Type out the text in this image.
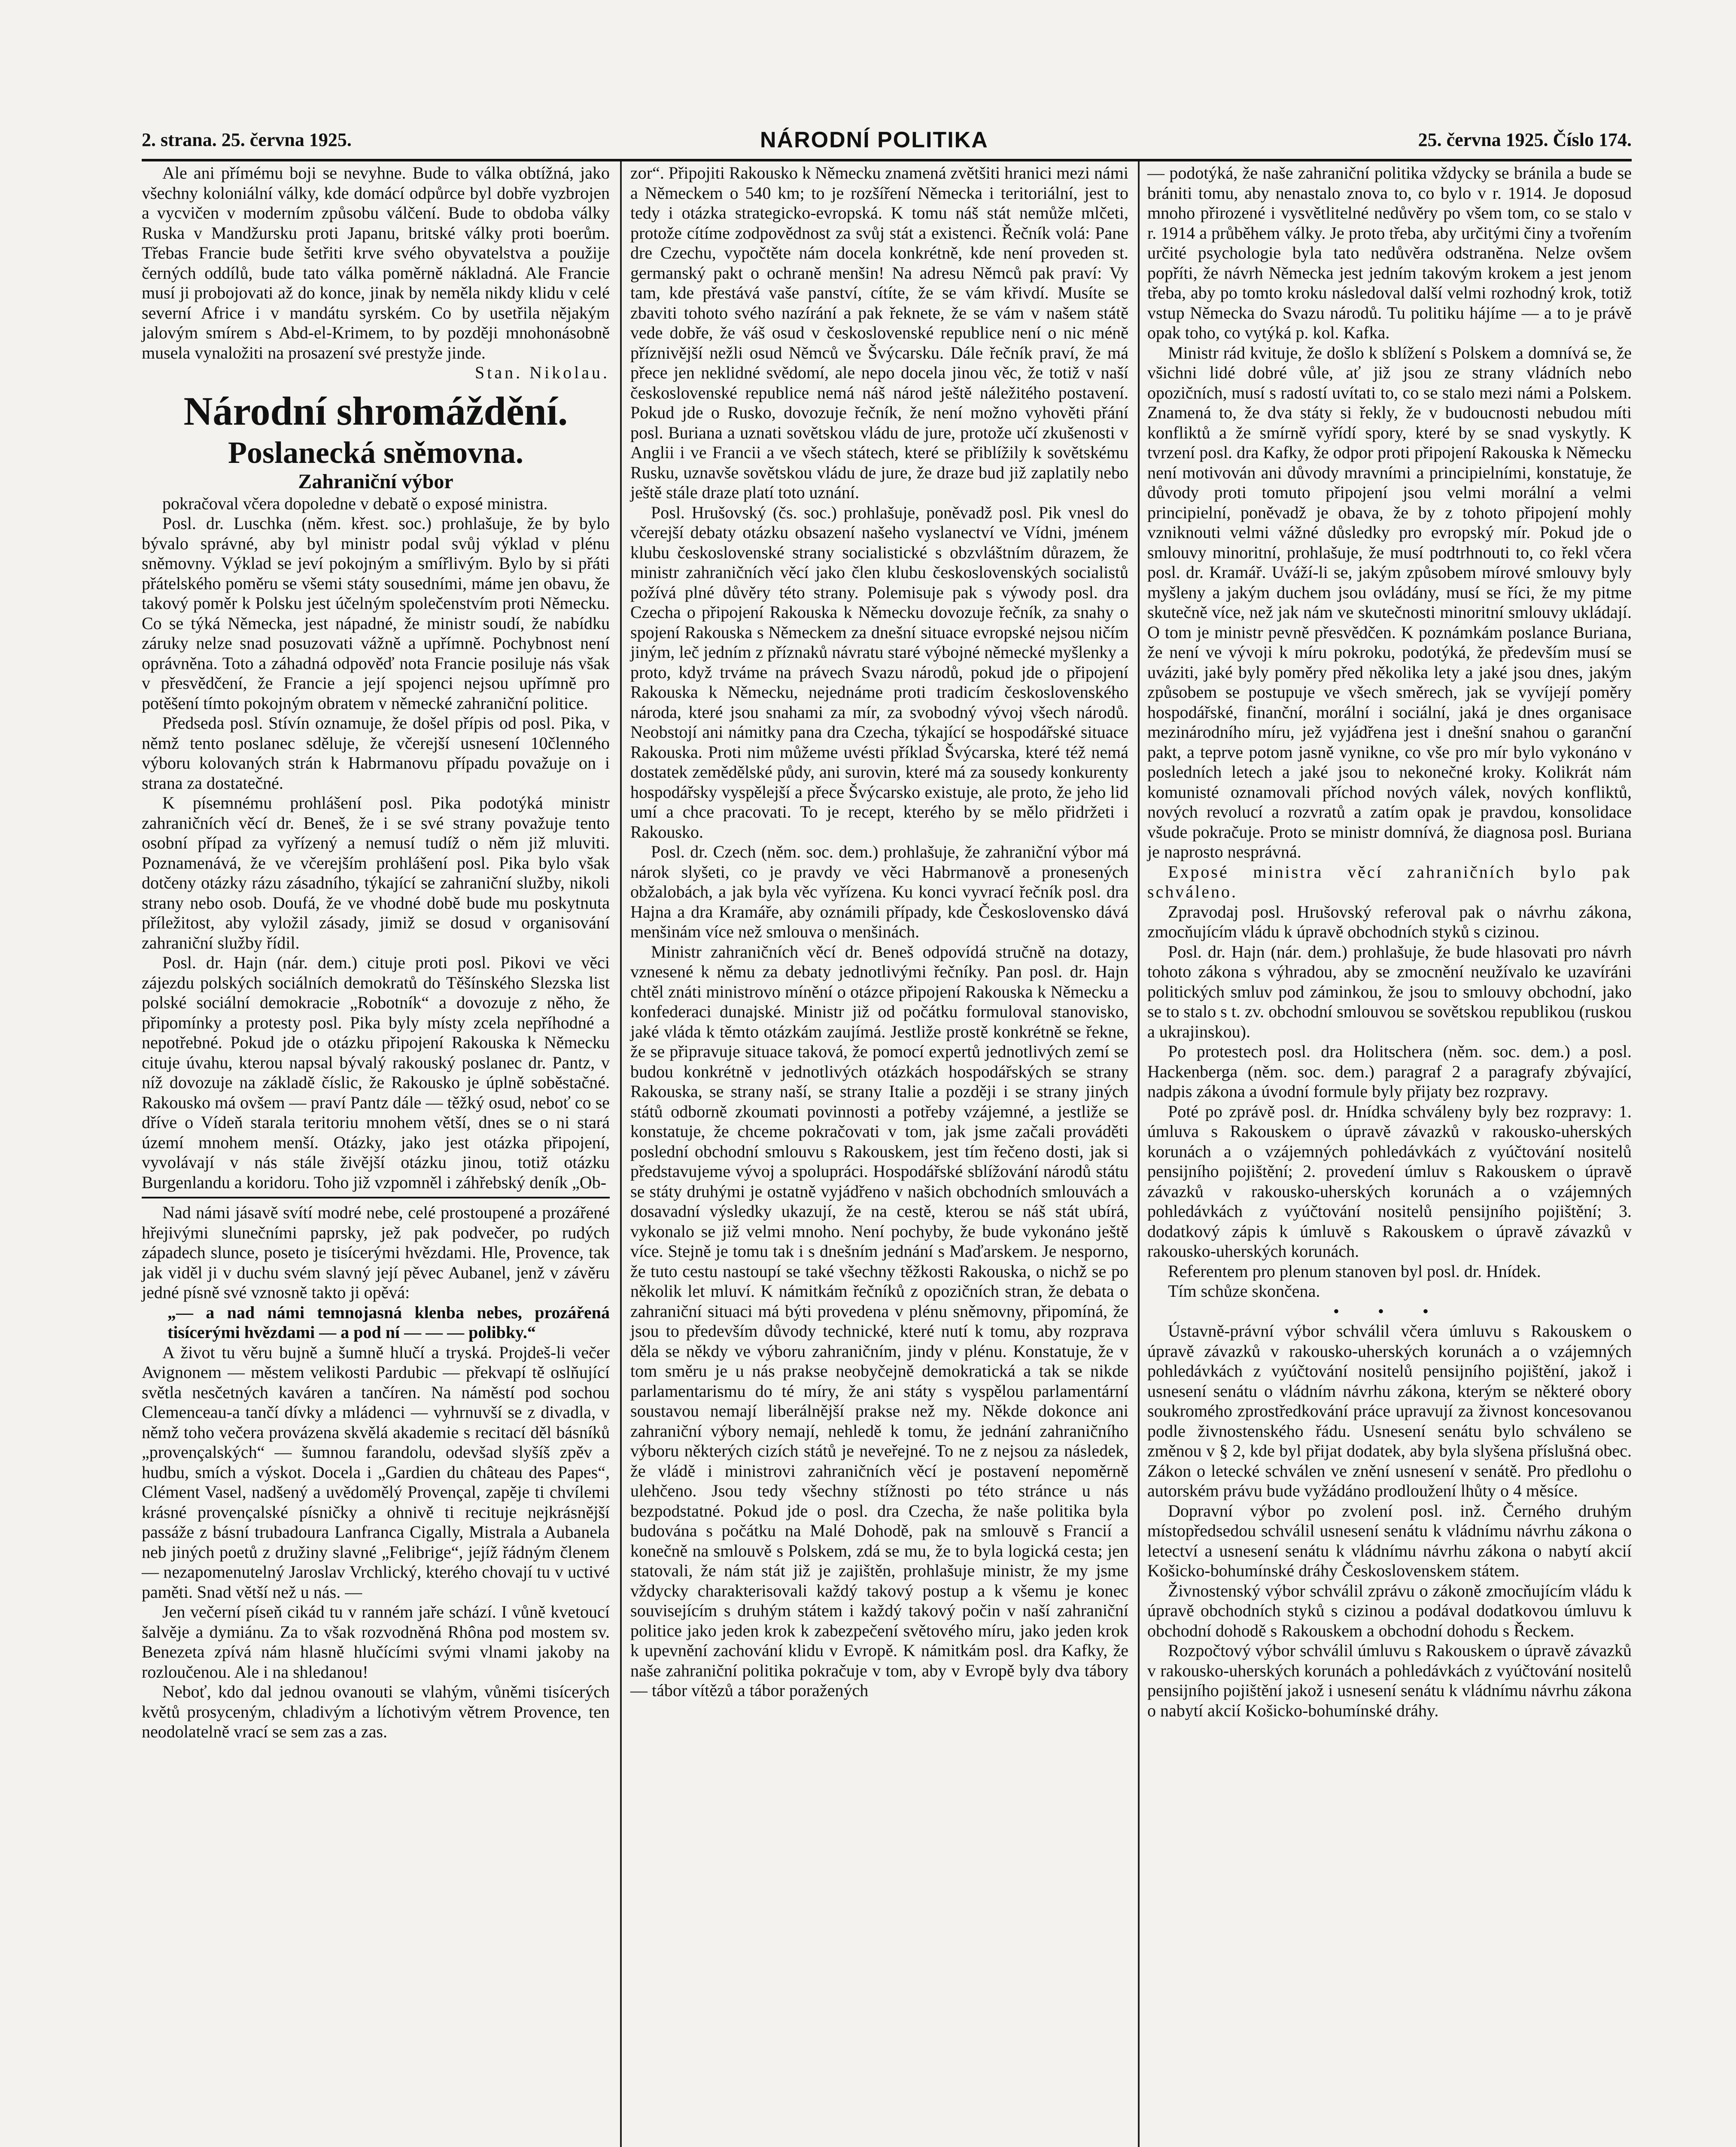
2. strana. 25. června 1925.	NÁRODNÍ POLITIKA	25. června 1925. Číslo 174.

Ale ani přímému boji se nevyhne. Bude to válka obtížná, jako všechny koloniální války, kde domácí odpůrce byl dobře vyzbrojen a vycvičen v moderním způsobu válčení. Bude to obdoba války Ruska v Mandžursku proti Japanu, britské války proti boerům. Třebas Francie bude šetřiti krve svého obyvatelstva a použije černých oddílů, bude tato válka poměrně nákladná. Ale Francie musí ji probojovati až do konce, jinak by neměla nikdy klidu v celé severní Africe i v mandátu syrském. Co by usetřila nějakým jalovým smírem s Abd-el-Krimem, to by později mnohonásobně musela vynaložiti na prosazení své prestyže jinde.

Stan. Nikolau.
Národní shromáždění.
Poslanecká sněmovna.
Zahraniční výbor

pokračoval včera dopoledne v debatě o exposé ministra.

Posl. dr. Luschka (něm. křest. soc.) prohlašuje, že by bylo bývalo správné, aby byl ministr podal svůj výklad v plénu sněmovny. Výklad se jeví pokojným a smířlivým. Bylo by si přáti přátelského poměru se všemi státy sousedními, máme jen obavu, že takový poměr k Polsku jest účelným společenstvím proti Německu. Co se týká Německa, jest nápadné, že ministr soudí, že nabídku záruky nelze snad posuzovati vážně a upřímně. Pochybnost není oprávněna. Toto a záhadná odpověď nota Francie posiluje nás však v přesvědčení, že Francie a její spojenci nejsou upřímně pro potěšení tímto pokojným obratem v německé zahraniční politice.

Předseda posl. Stívín oznamuje, že došel přípis od posl. Pika, v němž tento poslanec sděluje, že včerejší usnesení 10členného výboru kolovaných strán k Habrmanovu případu považuje on i strana za dostatečné.

K písemnému prohlášení posl. Pika podotýká ministr zahraničních věcí dr. Beneš, že i se své strany považuje tento osobní případ za vyřízený a nemusí tudíž o něm již mluviti. Poznamenává, že ve včerejším prohlášení posl. Pika bylo však dotčeny otázky rázu zásadního, týkající se zahraniční služby, nikoli strany nebo osob. Doufá, že ve vhodné době bude mu poskytnuta příležitost, aby vyložil zásady, jimiž se dosud v organisování zahraniční služby řídil.

Posl. dr. Hajn (nár. dem.) cituje proti posl. Pikovi ve věci zájezdu polských sociálních demokratů do Těšínského Slezska list polské sociální demokracie „Robotník“ a dovozuje z něho, že připomínky a protesty posl. Pika byly místy zcela nepříhodné a nepotřebné. Pokud jde o otázku připojení Rakouska k Německu cituje úvahu, kterou napsal bývalý rakouský poslanec dr. Pantz, v níž dovozuje na základě číslic, že Rakousko je úplně soběstačné. Rakousko má ovšem — praví Pantz dále — těžký osud, neboť co se dříve o Vídeň starala teritoriu mnohem větší, dnes se o ni stará území mnohem menší. Otázky, jako jest otázka připojení, vyvolávají v nás stále živější otázku jinou, totiž otázku Burgenlandu a koridoru. Toho již vzpomněl i záhřebský deník „Ob-

Nad námi jásavě svítí modré nebe, celé prostoupené a prozářené hřejivými slunečními paprsky, jež pak podvečer, po rudých západech slunce, poseto je tisícerými hvězdami. Hle, Provence, tak jak viděl ji v duchu svém slavný její pěvec Aubanel, jenž v závěru jedné písně své vznosně takto ji opěvá:

„— a nad námi temnojasná klenba nebes, prozářená tisícerými hvězdami — a pod ní — — — polibky.“

A život tu věru bujně a šumně hlučí a tryská. Projdeš-li večer Avignonem — městem velikosti Pardubic — překvapí tě oslňující světla nesčetných kaváren a tančíren. Na náměstí pod sochou Clemenceau-a tančí dívky a mládenci — vyhrnuvší se z divadla, v němž toho večera provázena skvělá akademie s recitací děl básníků „provençalských“ — šumnou farandolu, odevšad slyšíš zpěv a hudbu, smích a výskot. Docela i „Gardien du château des Papes“, Clément Vasel, nadšený a uvědomělý Provençal, zapěje ti chvílemi krásné provençalské písničky a ohnivě ti recituje nejkrásnější passáže z básní trubadoura Lanfranca Cigally, Mistrala a Aubanela neb jiných poetů z družiny slavné „Felibrige“, jejíž řádným členem — nezapomenutelný Jaroslav Vrchlický, kterého chovají tu v uctivé paměti. Snad větší než u nás. —

Jen večerní píseň cikád tu v ranném jaře schází. I vůně kvetoucí šalvěje a dymiánu. Za to však rozvodněná Rhôna pod mostem sv. Benezeta zpívá nám hlasně hlučícími svými vlnami jakoby na rozloučenou. Ale i na shledanou!

Neboť, kdo dal jednou ovanouti se vlahým, vůněmi tisícerých květů prosyceným, chladivým a líchotivým větrem Provence, ten neodolatelně vrací se sem zas a zas.

zor“. Připojiti Rakousko k Německu znamená zvětšiti hranici mezi námi a Německem o 540 km; to je rozšíření Německa i teritoriální, jest to tedy i otázka strategicko-evropská. K tomu náš stát nemůže mlčeti, protože cítíme zodpovědnost za svůj stát a existenci. Řečník volá: Pane dre Czechu, vypočtěte nám docela konkrétně, kde není proveden st. germanský pakt o ochraně menšin! Na adresu Němců pak praví: Vy tam, kde přestává vaše panství, cítíte, že se vám křivdí. Musíte se zbaviti tohoto svého nazírání a pak řeknete, že se vám v našem státě vede dobře, že váš osud v československé republice není o nic méně příznivější nežli osud Němců ve Švýcarsku. Dále řečník praví, že má přece jen neklidné svědomí, ale nepo docela jinou věc, že totiž v naší československé republice nemá náš národ ještě náležitého postavení. Pokud jde o Rusko, dovozuje řečník, že není možno vyhověti přání posl. Buriana a uznati sovětskou vládu de jure, protože učí zkušenosti v Anglii i ve Francii a ve všech státech, které se přiblížily k sovětskému Rusku, uznavše sovětskou vládu de jure, že draze bud již zaplatily nebo ještě stále draze platí toto uznání.

Posl. Hrušovský (čs. soc.) prohlašuje, poněvadž posl. Pik vnesl do včerejší debaty otázku obsazení našeho vyslanectví ve Vídni, jménem klubu československé strany socialistické s obzvláštním důrazem, že ministr zahraničních věcí jako člen klubu československých socialistů požívá plné důvěry této strany. Polemisuje pak s výwody posl. dra Czecha o připojení Rakouska k Německu dovozuje řečník, za snahy o spojení Rakouska s Německem za dnešní situace evropské nejsou ničím jiným, leč jedním z příznaků návratu staré výbojné německé myšlenky a proto, když trváme na právech Svazu národů, pokud jde o připojení Rakouska k Německu, nejednáme proti tradicím československého národa, které jsou snahami za mír, za svobodný vývoj všech národů. Neobstojí ani námitky pana dra Czecha, týkající se hospodářské situace Rakouska. Proti nim můžeme uvésti příklad Švýcarska, které též nemá dostatek zemědělské půdy, ani surovin, které má za sousedy konkurenty hospodářsky vyspělejší a přece Švýcarsko existuje, ale proto, že jeho lid umí a chce pracovati. To je recept, kterého by se mělo přidržeti i Rakousko.

Posl. dr. Czech (něm. soc. dem.) prohlašuje, že zahraniční výbor má nárok slyšeti, co je pravdy ve věci Habrmanově a pronesených obžalobách, a jak byla věc vyřízena. Ku konci vyvrací řečník posl. dra Hajna a dra Kramáře, aby oznámili případy, kde Československo dává menšinám více než smlouva o menšinách.

Ministr zahraničních věcí dr. Beneš odpovídá stručně na dotazy, vznesené k němu za debaty jednotlivými řečníky. Pan posl. dr. Hajn chtěl znáti ministrovo mínění o otázce připojení Rakouska k Německu a konfederaci dunajské. Ministr již od počátku formuloval stanovisko, jaké vláda k těmto otázkám zaujímá. Jestliže prostě konkrétně se řekne, že se připravuje situace taková, že pomocí expertů jednotlivých zemí se budou konkrétně v jednotlivých otázkách hospodářských se strany Rakouska, se strany naší, se strany Italie a později i se strany jiných států odborně zkoumati povinnosti a potřeby vzájemné, a jestliže se konstatuje, že chceme pokračovati v tom, jak jsme začali prováděti poslední obchodní smlouvu s Rakouskem, jest tím řečeno dosti, jak si představujeme vývoj a spolupráci. Hospodářské sblížování národů státu se státy druhými je ostatně vyjádřeno v našich obchodních smlouvách a dosavadní výsledky ukazují, že na cestě, kterou se náš stát ubírá, vykonalo se již velmi mnoho. Není pochyby, že bude vykonáno ještě více. Stejně je tomu tak i s dnešním jednání s Maďarskem. Je nesporno, že tuto cestu nastoupí se také všechny těžkosti Rakouska, o nichž se po několik let mluví. K námitkám řečníků z opozičních stran, že debata o zahraniční situaci má býti provedena v plénu sněmovny, připomíná, že jsou to především důvody technické, které nutí k tomu, aby rozprava děla se někdy ve výboru zahraničním, jindy v plénu. Konstatuje, že v tom směru je u nás prakse neobyčejně demokratická a tak se nikde parlamentarismu do té míry, že ani státy s vyspělou parlamentární soustavou nemají liberálnější prakse než my. Někde dokonce ani zahraniční výbory nemají, nehledě k tomu, že jednání zahraničního výboru některých cizích států je neveřejné. To ne z nejsou za následek, že vládě i ministrovi zahraničních věcí je postavení nepoměrně ulehčeno. Jsou tedy všechny stížnosti po této stránce u nás bezpodstatné. Pokud jde o posl. dra Czecha, že naše politika byla budována s počátku na Malé Dohodě, pak na smlouvě s Francií a konečně na smlouvě s Polskem, zdá se mu, že to byla logická cesta; jen statovali, že nám stát již je zajištěn, prohlašuje ministr, že my jsme vždycky charakterisovali každý takový postup a k všemu je konec souvisejícím s druhým státem i každý takový počin v naší zahraniční politice jako jeden krok k zabezpečení světového míru, jako jeden krok k upevnění zachování klidu v Evropě. K námitkám posl. dra Kafky, že naše zahraniční politika pokračuje v tom, aby v Evropě byly dva tábory — tábor vítězů a tábor poražených

— podotýká, že naše zahraniční politika vždycky se bránila a bude se brániti tomu, aby nenastalo znova to, co bylo v r. 1914. Je doposud mnoho přirozené i vysvětlitelné nedůvěry po všem tom, co se stalo v r. 1914 a průběhem války. Je proto třeba, aby určitými činy a tvořením určité psychologie byla tato nedůvěra odstraněna. Nelze ovšem popříti, že návrh Německa jest jedním takovým krokem a jest jenom třeba, aby po tomto kroku následoval další velmi rozhodný krok, totiž vstup Německa do Svazu národů. Tu politiku hájíme — a to je právě opak toho, co vytýká p. kol. Kafka.

Ministr rád kvituje, že došlo k sblížení s Polskem a domnívá se, že všichni lidé dobré vůle, ať již jsou ze strany vládních nebo opozičních, musí s radostí uvítati to, co se stalo mezi námi a Polskem. Znamená to, že dva státy si řekly, že v budoucnosti nebudou míti konfliktů a že smírně vyřídí spory, které by se snad vyskytly. K tvrzení posl. dra Kafky, že odpor proti připojení Rakouska k Německu není motivován ani důvody mravními a principielními, konstatuje, že důvody proti tomuto připojení jsou velmi morální a velmi principielní, poněvadž je obava, že by z tohoto připojení mohly vzniknouti velmi vážné důsledky pro evropský mír. Pokud jde o smlouvy minoritní, prohlašuje, že musí podtrhnouti to, co řekl včera posl. dr. Kramář. Uváží-li se, jakým způsobem mírové smlouvy byly myšleny a jakým duchem jsou ovládány, musí se říci, že my pitme skutečně více, než jak nám ve skutečnosti minoritní smlouvy ukládají. O tom je ministr pevně přesvědčen. K poznámkám poslance Buriana, že není ve vývoji k míru pokroku, podotýká, že především musí se uváziti, jaké byly poměry před několika lety a jaké jsou dnes, jakým způsobem se postupuje ve všech směrech, jak se vyvíjejí poměry hospodářské, finanční, morální i sociální, jaká je dnes organisace mezinárodního míru, jež vyjádřena jest i dnešní snahou o garanční pakt, a teprve potom jasně vynikne, co vše pro mír bylo vykonáno v posledních letech a jaké jsou to nekonečné kroky. Kolikrát nám komunisté oznamovali příchod nových válek, nových konfliktů, nových revolucí a rozvratů a zatím opak je pravdou, konsolidace všude pokračuje. Proto se ministr domnívá, že diagnosa posl. Buriana je naprosto nesprávná.

Exposé ministra věcí zahraničních bylo pak schváleno.

Zpravodaj posl. Hrušovský referoval pak o návrhu zákona, zmocňujícím vládu k úpravě obchodních styků s cizinou.

Posl. dr. Hajn (nár. dem.) prohlašuje, že bude hlasovati pro návrh tohoto zákona s výhradou, aby se zmocnění neužívalo ke uzavíráni politických smluv pod záminkou, že jsou to smlouvy obchodní, jako se to stalo s t. zv. obchodní smlouvou se sovětskou republikou (ruskou a ukrajinskou).

Po protestech posl. dra Holitschera (něm. soc. dem.) a posl. Hackenberga (něm. soc. dem.) paragraf 2 a paragrafy zbývající, nadpis zákona a úvodní formule byly přijaty bez rozpravy.

Poté po zprávě posl. dr. Hnídka schváleny byly bez rozpravy: 1. úmluva s Rakouskem o úpravě závazků v rakousko-uherských korunách a o vzájemných pohledávkách z vyúčtování nositelů pensijního pojištění; 2. provedení úmluv s Rakouskem o úpravě závazků v rakousko-uherských korunách a o vzájemných pohledávkách z vyúčtování nositelů pensijního pojištění; 3. dodatkový zápis k úmluvě s Rakouskem o úpravě závazků v rakousko-uherských korunách.

Referentem pro plenum stanoven byl posl. dr. Hnídek.

Tím schůze skončena.

• • •

Ústavně-právní výbor schválil včera úmluvu s Rakouskem o úpravě závazků v rakousko-uherských korunách a o vzájemných pohledávkách z vyúčtování nositelů pensijního pojištění, jakož i usnesení senátu o vládním návrhu zákona, kterým se některé obory soukromého zprostředkování práce upravují za živnost koncesovanou podle živnostenského řádu. Usnesení senátu bylo schváleno se změnou v § 2, kde byl přijat dodatek, aby byla slyšena příslušná obec. Zákon o letecké schválen ve znění usnesení v senátě. Pro předlohu o autorském právu bude vyžádáno prodloužení lhůty o 4 měsíce.

Dopravní výbor po zvolení posl. inž. Černého druhým místopředsedou schválil usnesení senátu k vládnímu návrhu zákona o letectví a usnesení senátu k vládnímu návrhu zákona o nabytí akcií Košicko-bohumínské dráhy Československem státem.

Živnostenský výbor schválil zprávu o zákoně zmocňujícím vládu k úpravě obchodních styků s cizinou a podával dodatkovou úmluvu k obchodní dohodě s Rakouskem a obchodní dohodu s Řeckem.

Rozpočtový výbor schválil úmluvu s Rakouskem o úpravě závazků v rakousko-uherských korunách a pohledávkách z vyúčtování nositelů pensijního pojištění jakož i usnesení senátu k vládnímu návrhu zákona o nabytí akcií Košicko-bohumínské dráhy.
